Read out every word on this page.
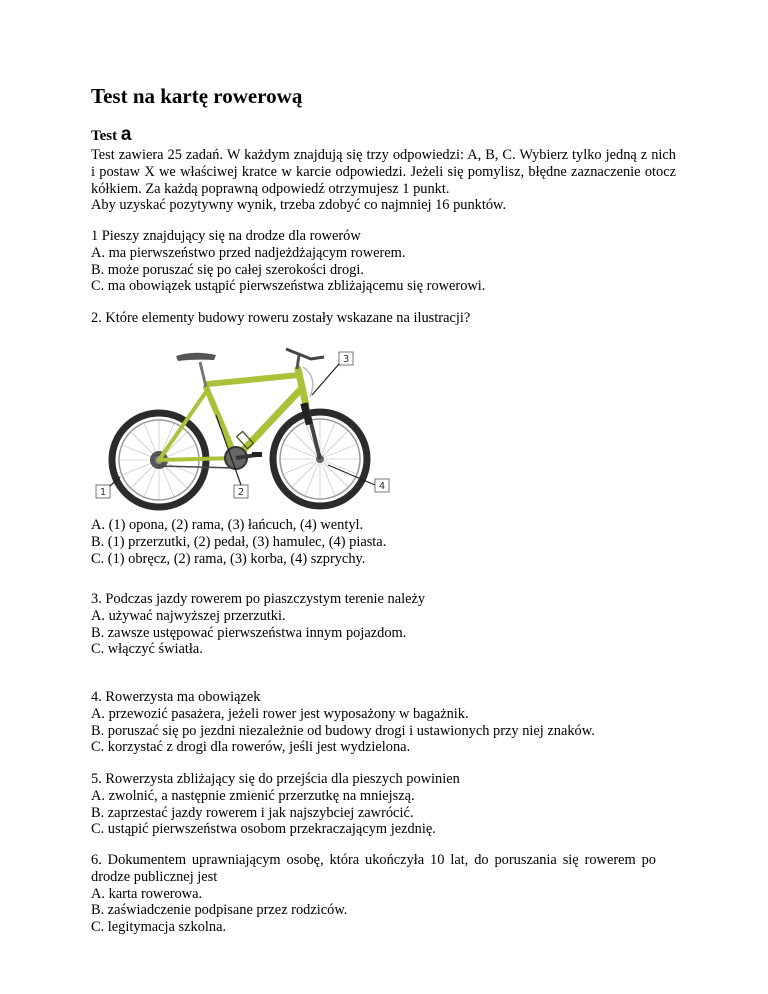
Test na kartę rowerową
Test a

Test zawiera 25 zadań. W każdym znajdują się trzy odpowiedzi: A, B, C. Wybierz tylko jedną z nich i postaw X we właściwej kratce w karcie odpowiedzi. Jeżeli się pomylisz, błędne zaznaczenie otocz kółkiem. Za każdą poprawną odpowiedź otrzymujesz 1 punkt.

Aby uzyskać pozytywny wynik, trzeba zdobyć co najmniej 16 punktów.

1 Pieszy znajdujący się na drodze dla rowerów

A. ma pierwszeństwo przed nadjeżdżającym rowerem.

B. może poruszać się po całej szerokości drogi.

C. ma obowiązek ustąpić pierwszeństwa zbliżającemu się rowerowi.

2. Które elementy budowy roweru zostały wskazane na ilustracji?

3
4
2
1

A. (1) opona, (2) rama, (3) łańcuch, (4) wentyl.

B. (1) przerzutki, (2) pedał, (3) hamulec, (4) piasta.

C. (1) obręcz, (2) rama, (3) korba, (4) szprychy.

3. Podczas jazdy rowerem po piaszczystym terenie należy

A. używać najwyższej przerzutki.

B. zawsze ustępować pierwszeństwa innym pojazdom.

C. włączyć światła.

4. Rowerzysta ma obowiązek

A. przewozić pasażera, jeżeli rower jest wyposażony w bagażnik.

B. poruszać się po jezdni niezależnie od budowy drogi i ustawionych przy niej znaków.

C. korzystać z drogi dla rowerów, jeśli jest wydzielona.

5. Rowerzysta zbliżający się do przejścia dla pieszych powinien

A. zwolnić, a następnie zmienić przerzutkę na mniejszą.

B. zaprzestać jazdy rowerem i jak najszybciej zawrócić.

C. ustąpić pierwszeństwa osobom przekraczającym jezdnię.

6. Dokumentem uprawniającym osobę, która ukończyła 10 lat, do poruszania się rowerem po drodze publicznej jest

A. karta rowerowa.

B. zaświadczenie podpisane przez rodziców.

C. legitymacja szkolna.
